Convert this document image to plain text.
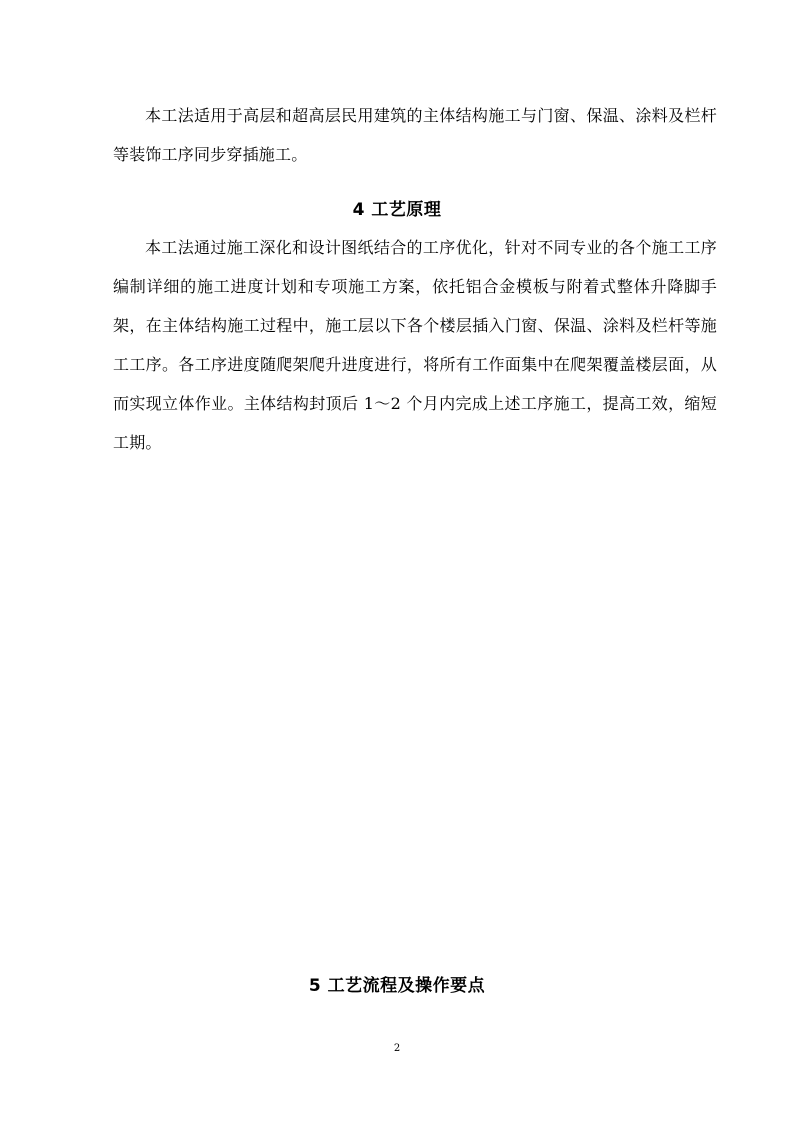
本工法适用于高层和超高层民用建筑的主体结构施工与门窗、保温、涂料及栏杆等装饰工序同步穿插施工。

4 工艺原理

本工法通过施工深化和设计图纸结合的工序优化，针对不同专业的各个施工工序编制详细的施工进度计划和专项施工方案，依托铝合金模板与附着式整体升降脚手架，在主体结构施工过程中，施工层以下各个楼层插入门窗、保温、涂料及栏杆等施工工序。各工序进度随爬架爬升进度进行，将所有工作面集中在爬架覆盖楼层面，从而实现立体作业。主体结构封顶后 1～2 个月内完成上述工序施工，提高工效，缩短工期。

5 工艺流程及操作要点
2
